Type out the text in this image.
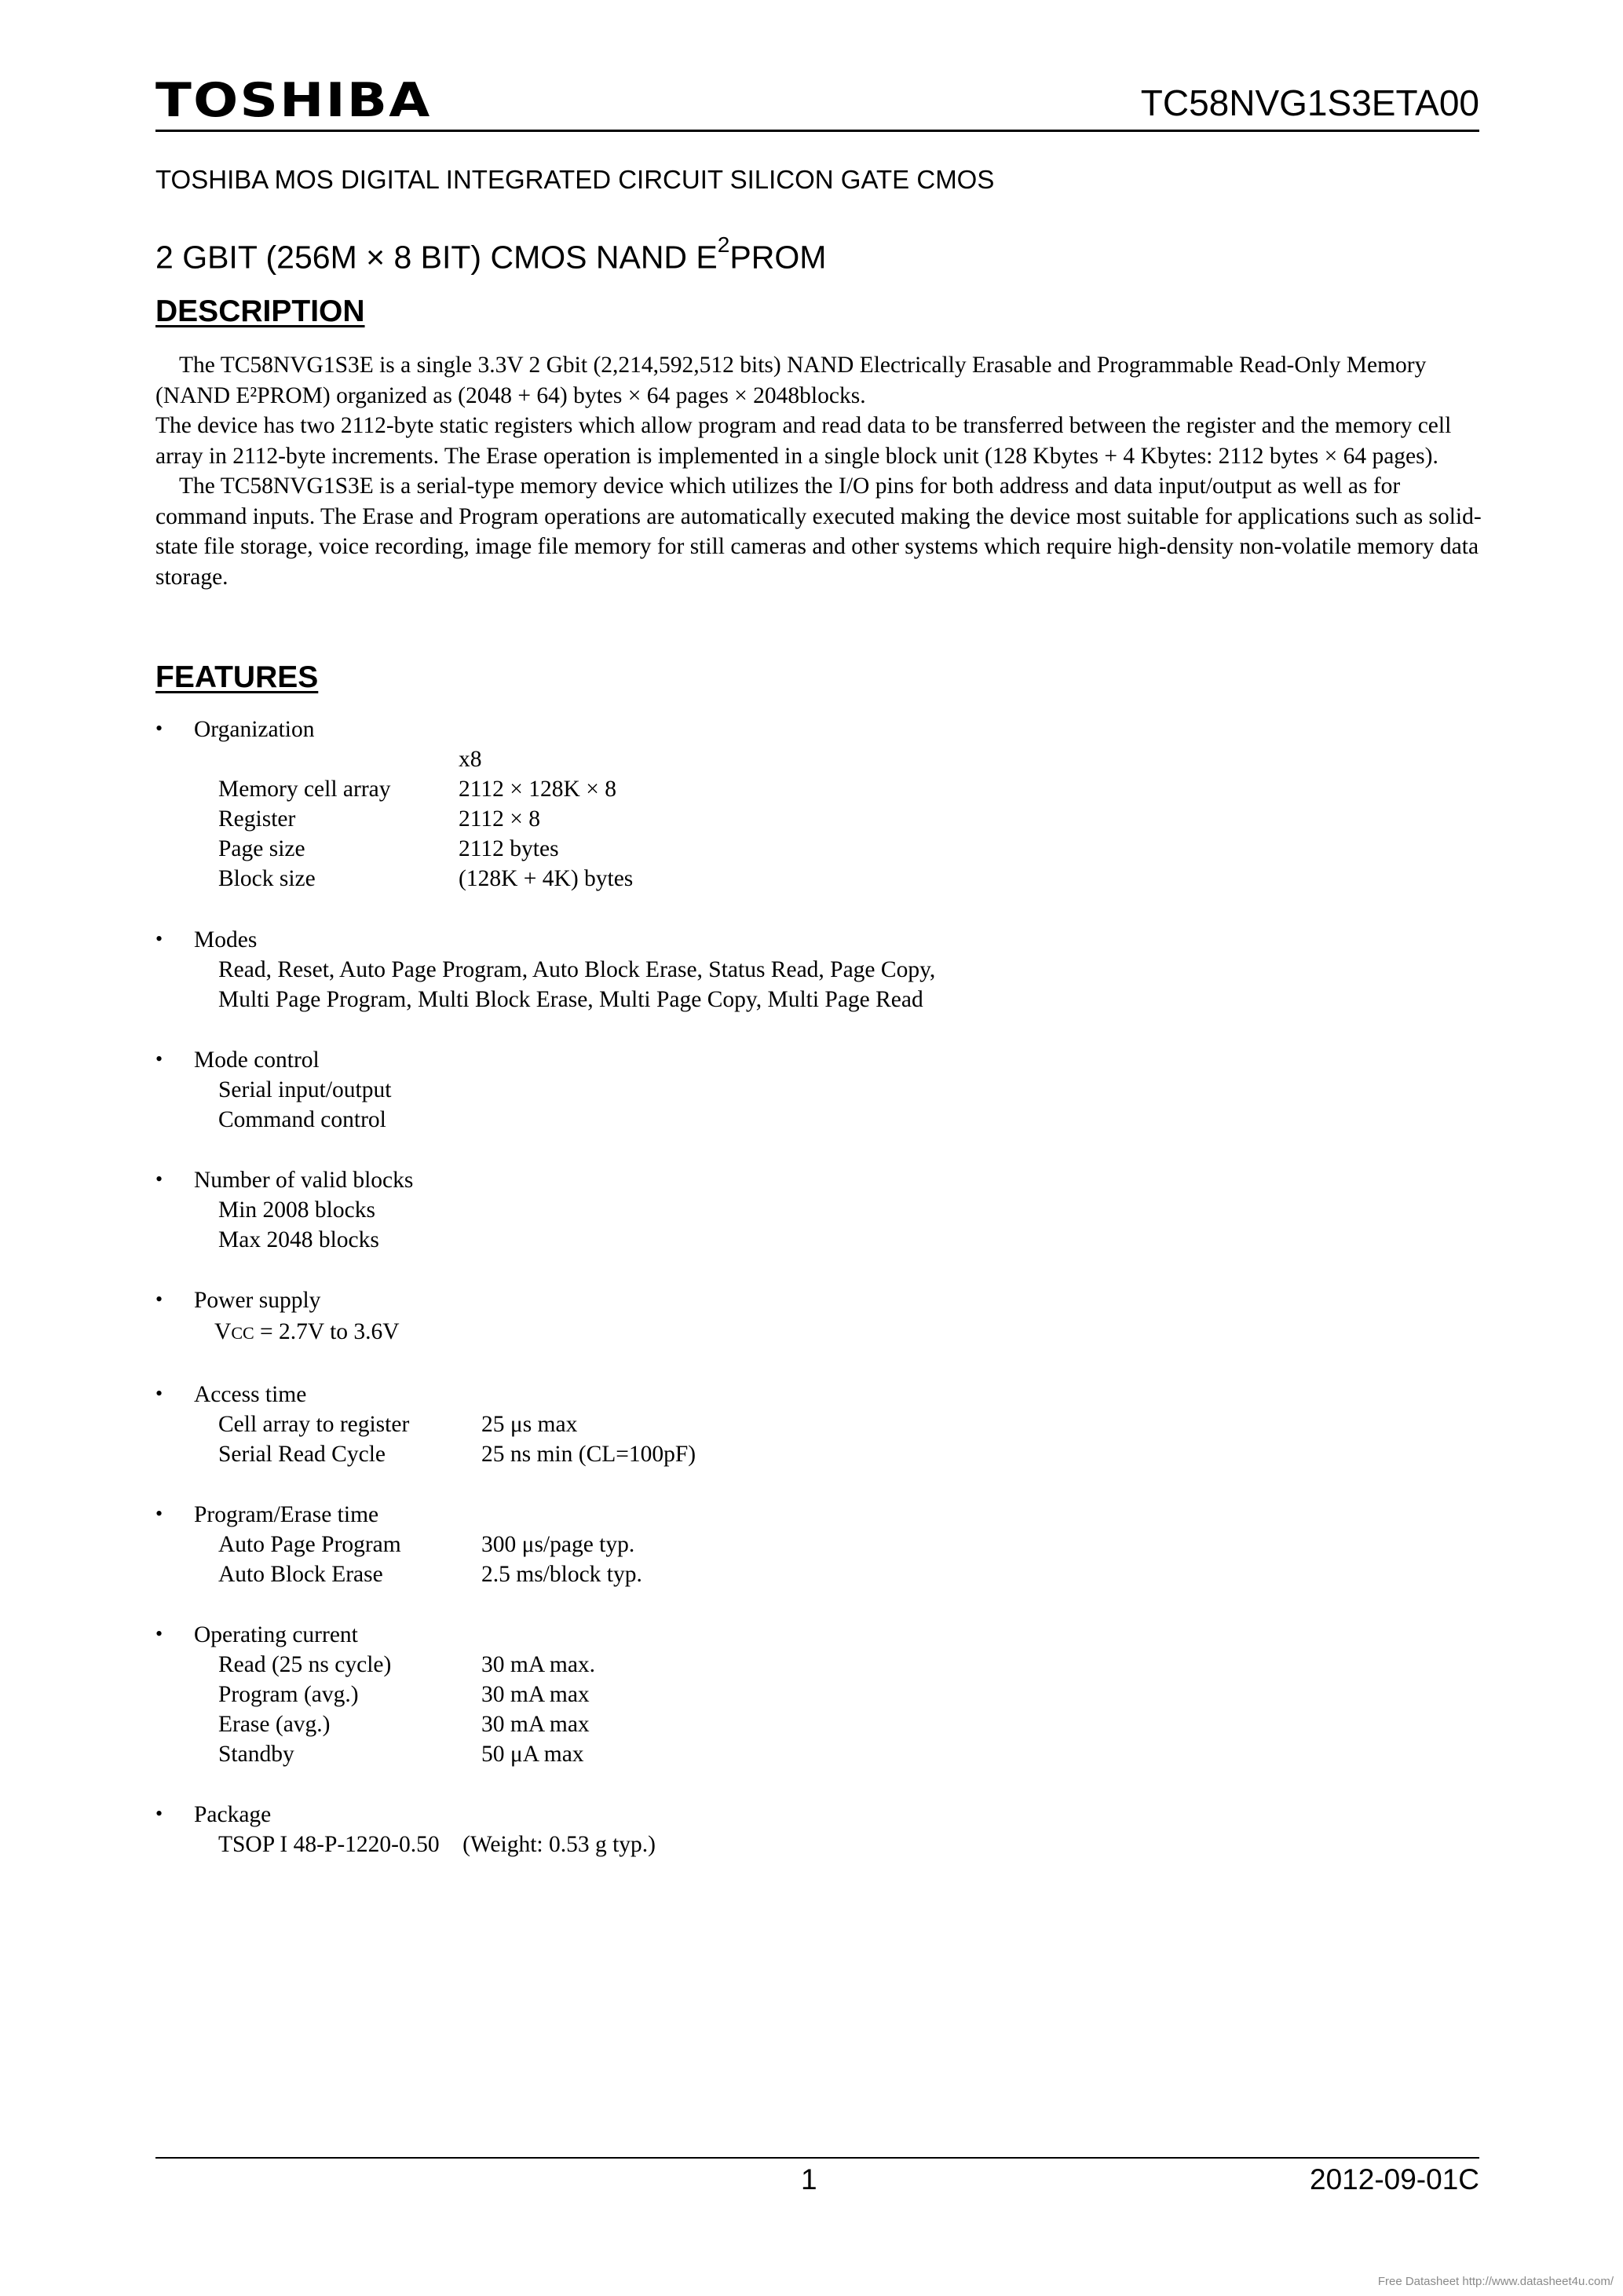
TOSHIBA	TC58NVG1S3ETA00
TOSHIBA MOS DIGITAL INTEGRATED CIRCUIT SILICON GATE CMOS
2 GBIT (256M × 8 BIT) CMOS NAND $E^2PROM$
DESCRIPTION

The TC58NVG1S3E is a single 3.3V 2 Gbit (2,214,592,512 bits) NAND Electrically Erasable and Programmable Read-Only Memory (NAND E²PROM) organized as (2048 + 64) bytes × 64 pages × 2048blocks.

The device has two 2112-byte static registers which allow program and read data to be transferred between the register and the memory cell array in 2112-byte increments. The Erase operation is implemented in a single block unit (128 Kbytes + 4 Kbytes: 2112 bytes × 64 pages).

The TC58NVG1S3E is a serial-type memory device which utilizes the I/O pins for both address and data input/output as well as for command inputs. The Erase and Program operations are automatically executed making the device most suitable for applications such as solid-state file storage, voice recording, image file memory for still cameras and other systems which require high-density non-volatile memory data storage.

FEATURES
• Organization
x8
Memory cell array	2112 × 128K × 8
Register	2112 × 8
Page size	2112 bytes
Block size	(128K + 4K) bytes
• Modes
Read, Reset, Auto Page Program, Auto Block Erase, Status Read, Page Copy,
Multi Page Program, Multi Block Erase, Multi Page Copy, Multi Page Read
• Mode control
Serial input/output
Command control
• Number of valid blocks
Min 2008 blocks
Max 2048 blocks
• Power supply
VCC = 2.7V to 3.6V
• Access time
Cell array to register	25 μs max
Serial Read Cycle	25 ns min (CL=100pF)
• Program/Erase time
Auto Page Program	300 μs/page typ.
Auto Block Erase	2.5 ms/block typ.
• Operating current
Read (25 ns cycle)	30 mA max.
Program (avg.)	30 mA max
Erase (avg.)	30 mA max
Standby	50 μA max
• Package
TSOP I 48-P-1220-0.50    (Weight: 0.53 g typ.)
1	2012-09-01C
Free Datasheet http://www.datasheet4u.com/
